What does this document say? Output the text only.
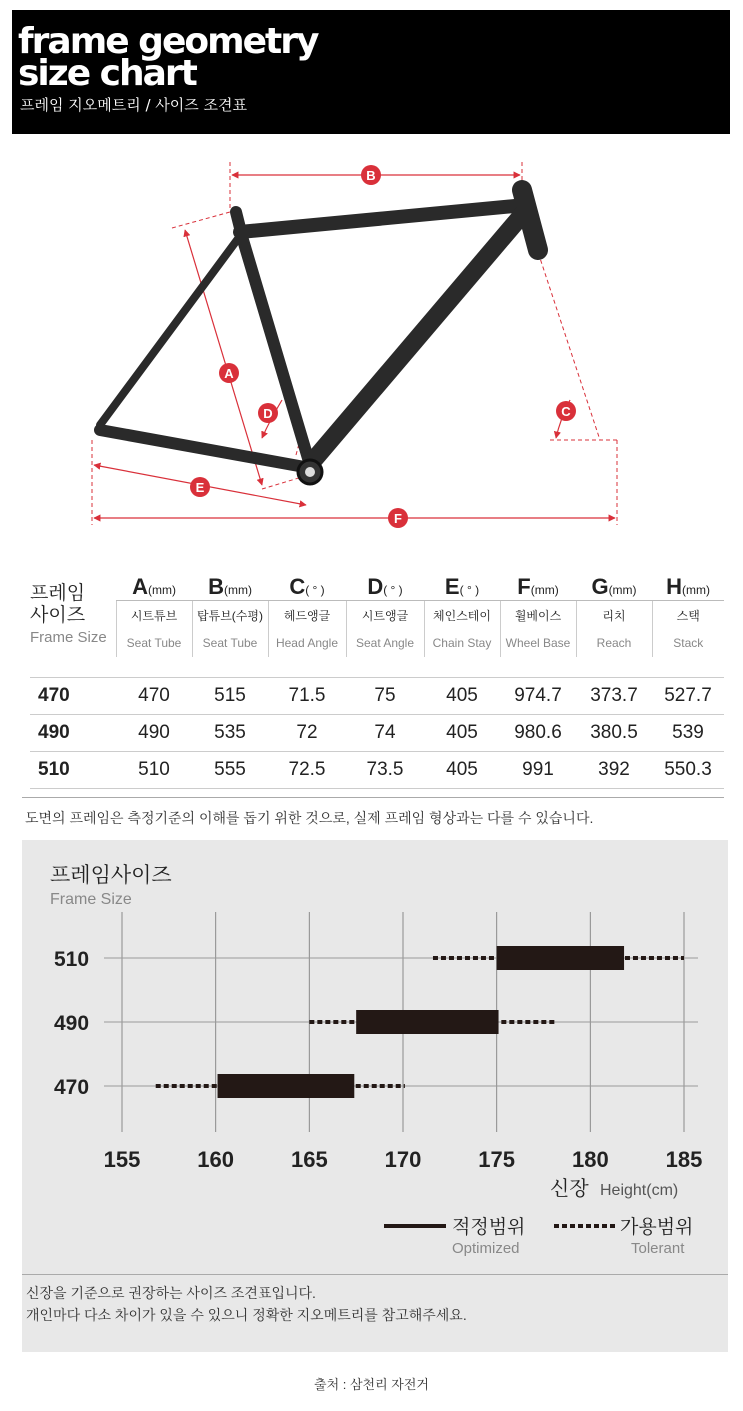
frame geometry
size chart
프레임 지오메트리 / 사이즈 조견표
B
A
D	C
E
F
프레임
사이즈
Frame Size	A(mm)	B(mm)	C( ° )	D( ° )	E( ° )	F(mm)	G(mm)	H(mm)
	시트튜브	탑튜브(수평)	헤드앵글	시트앵글	체인스테이	휠베이스	리치	스택
	Seat Tube	Seat Tube	Head Angle	Seat Angle	Chain Stay	Wheel Base	Reach	Stack

470	470	515	71.5	75	405	974.7	373.7	527.7
490	490	535	72	74	405	980.6	380.5	539
510	510	555	72.5	73.5	405	991	392	550.3
도면의 프레임은 측정기준의 이해를 돕기 위한 것으로, 실제 프레임 형상과는 다를 수 있습니다.
프레임사이즈
Frame Size
510
490
470
155	160	165	170	175	180	185
신장 Height(cm)
적정범위
Optimized
가용범위
Tolerant
신장을 기준으로 권장하는 사이즈 조견표입니다.
개인마다 다소 차이가 있을 수 있으니 정확한 지오메트리를 참고해주세요.
출처 : 삼천리 자전거
